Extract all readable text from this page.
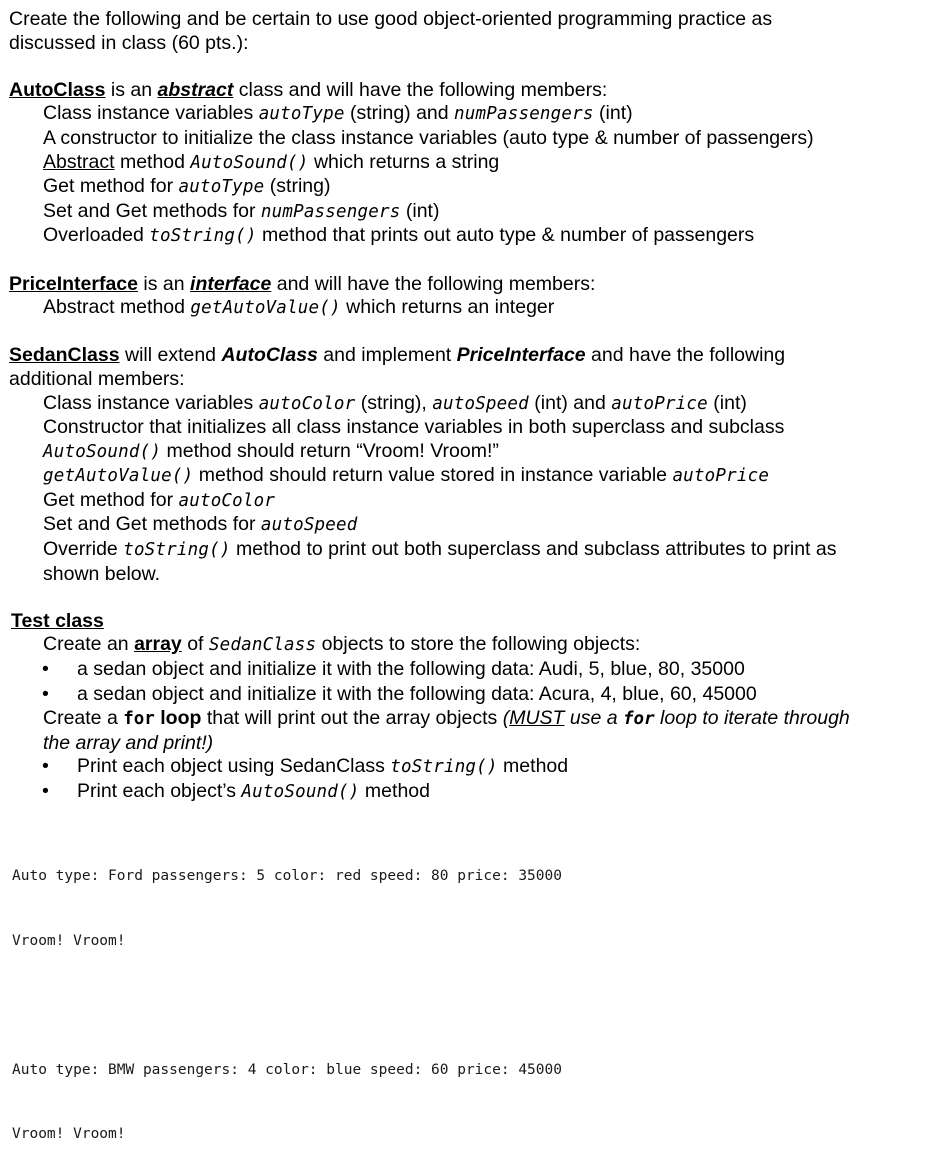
Create the following and be certain to use good object-oriented programming practice as discussed in class (60 pts.):

AutoClass is an abstract class and will have the following members:

Class instance variables autoType (string) and numPassengers (int)

A constructor to initialize the class instance variables (auto type & number of passengers)

Abstract method AutoSound() which returns a string

Get method for autoType (string)

Set and Get methods for numPassengers (int)

Overloaded toString() method that prints out auto type & number of passengers

PriceInterface is an interface and will have the following members:

Abstract method getAutoValue() which returns an integer

SedanClass will extend AutoClass and implement PriceInterface and have the following additional members:

Class instance variables autoColor (string), autoSpeed (int) and autoPrice (int)

Constructor that initializes all class instance variables in both superclass and subclass

AutoSound() method should return “Vroom! Vroom!”

getAutoValue() method should return value stored in instance variable autoPrice

Get method for autoColor

Set and Get methods for autoSpeed

Override toString() method to print out both superclass and subclass attributes to print as shown below.

Test class

Create an array of SedanClass objects to store the following objects:

• a sedan object and initialize it with the following data: Audi, 5, blue, 80, 35000
• a sedan object and initialize it with the following data: Acura, 4, blue, 60, 45000

Create a for loop that will print out the array objects (MUST use a for loop to iterate through the array and print!)

• Print each object using SedanClass toString() method
• Print each object’s AutoSound() method

Auto type: Ford passengers: 5 color: red speed: 80 price: 35000

Vroom! Vroom!

Auto type: BMW passengers: 4 color: blue speed: 60 price: 45000

Vroom! Vroom!
